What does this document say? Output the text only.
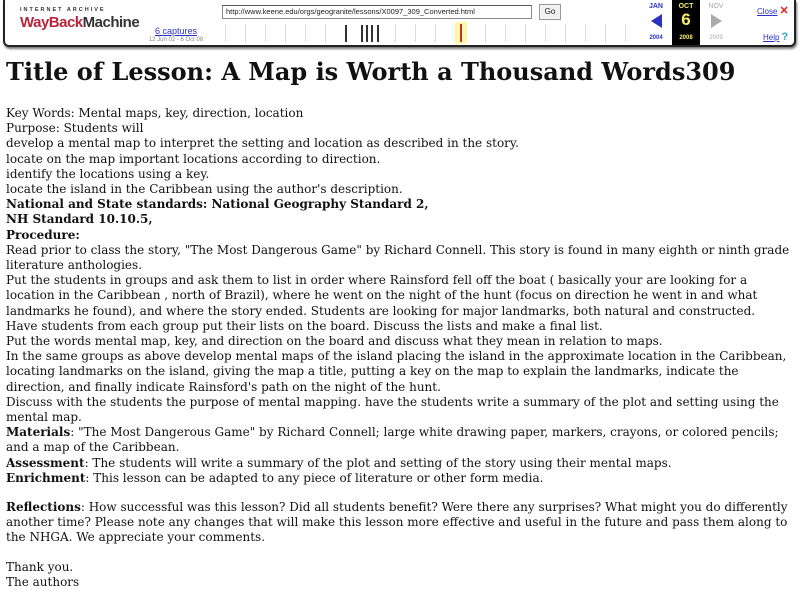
INTERNET ARCHIVE
WayBackMachine	6 captures
12 Jun 02 - 6 Oct 08
http://www.keene.edu/orgs/geogranite/lessons/X0097_309_Converted.html	Go
JAN
2004
OCT
6
2008
NOV
2009
Close ✕
Help ?
Title of Lesson: A Map is Worth a Thousand Words309
Key Words: Mental maps, key, direction, location
Purpose: Students will
develop a mental map to interpret the setting and location as described in the story.
locate on the map important locations according to direction.
identify the locations using a key.
locate the island in the Caribbean using the author's description.
National and State standards: National Geography Standard 2,
NH Standard 10.10.5,
Procedure:
Read prior to class the story, "The Most Dangerous Game" by Richard Connell. This story is found in many eighth or ninth grade literature anthologies.
Put the students in groups and ask them to list in order where Rainsford fell off the boat ( basically your are looking for a location in the Caribbean , north of Brazil), where he went on the night of the hunt (focus on direction he went in and what landmarks he found), and where the story ended. Students are looking for major landmarks, both natural and constructed.
Have students from each group put their lists on the board. Discuss the lists and make a final list.
Put the words mental map, key, and direction on the board and discuss what they mean in relation to maps.
In the same groups as above develop mental maps of the island placing the island in the approximate location in the Caribbean, locating landmarks on the island, giving the map a title, putting a key on the map to explain the landmarks, indicate the direction, and finally indicate Rainsford's path on the night of the hunt.
Discuss with the students the purpose of mental mapping. have the students write a summary of the plot and setting using the mental map.
Materials: "The Most Dangerous Game" by Richard Connell; large white drawing paper, markers, crayons, or colored pencils; and a map of the Caribbean.
Assessment: The students will write a summary of the plot and setting of the story using their mental maps.
Enrichment: This lesson can be adapted to any piece of literature or other form media.
Reflections: How successful was this lesson? Did all students benefit? Were there any surprises? What might you do differently another time? Please note any changes that will make this lesson more effective and useful in the future and pass them along to the NHGA. We appreciate your comments.
Thank you.
The authors
